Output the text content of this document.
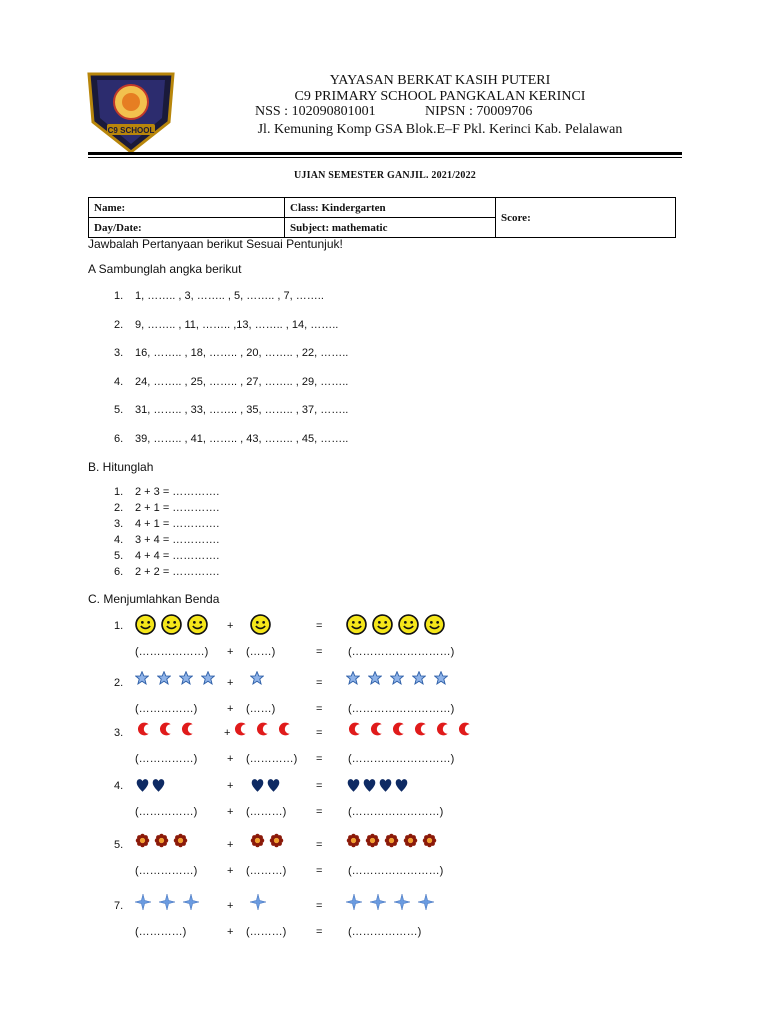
C9 SCHOOL
YAYASAN BERKAT KASIH PUTERI
C9 PRIMARY SCHOOL PANGKALAN KERINCI
NSS : 102090801001	NIPSN : 70009706
Jl. Kemuning Komp GSA Blok.E–F Pkl. Kerinci Kab. Pelalawan
UJIAN SEMESTER GANJIL. 2021/2022
Name:	Class: Kindergarten	Score:
Day/Date:	Subject: mathematic	
Jawbalah Pertanyaan berikut Sesuai Pentunjuk!
A Sambunglah angka berikut
1. 1, …….. , 3, …….. , 5, …….. , 7, ……..
2. 9, …….. , 11, …….. ,13, …….. , 14, ……..
3. 16, …….. , 18, …….. , 20, …….. , 22, ……..
4. 24, …….. , 25, …….. , 27, …….. , 29, ……..
5. 31, …….. , 33, …….. , 35, …….. , 37, ……..
6. 39, …….. , 41, …….. , 43, …….. , 45, ……..
B. Hitunglah
1. 2 + 3 = ………….
2. 2 + 1 = ………….
3. 4 + 1 = ………….
4. 3 + 4 = ………….
5. 4 + 4 = ………….
6. 2 + 2 = ………….
C. Menjumlahkan Benda
1.	+	=
(………………) + (……)	= (………………………)
2.	+	=
(……………)	+ (……)	= (………………………)
3.	+	=
(……………)	+ (…………) = (………………………)
4.	+	=
(……………)	+ (………)	= (……………………)
5.	+	=
(……………)	+ (………)	= (……………………)
7.	+	=
(…………)	+ (………)	= (………………)
